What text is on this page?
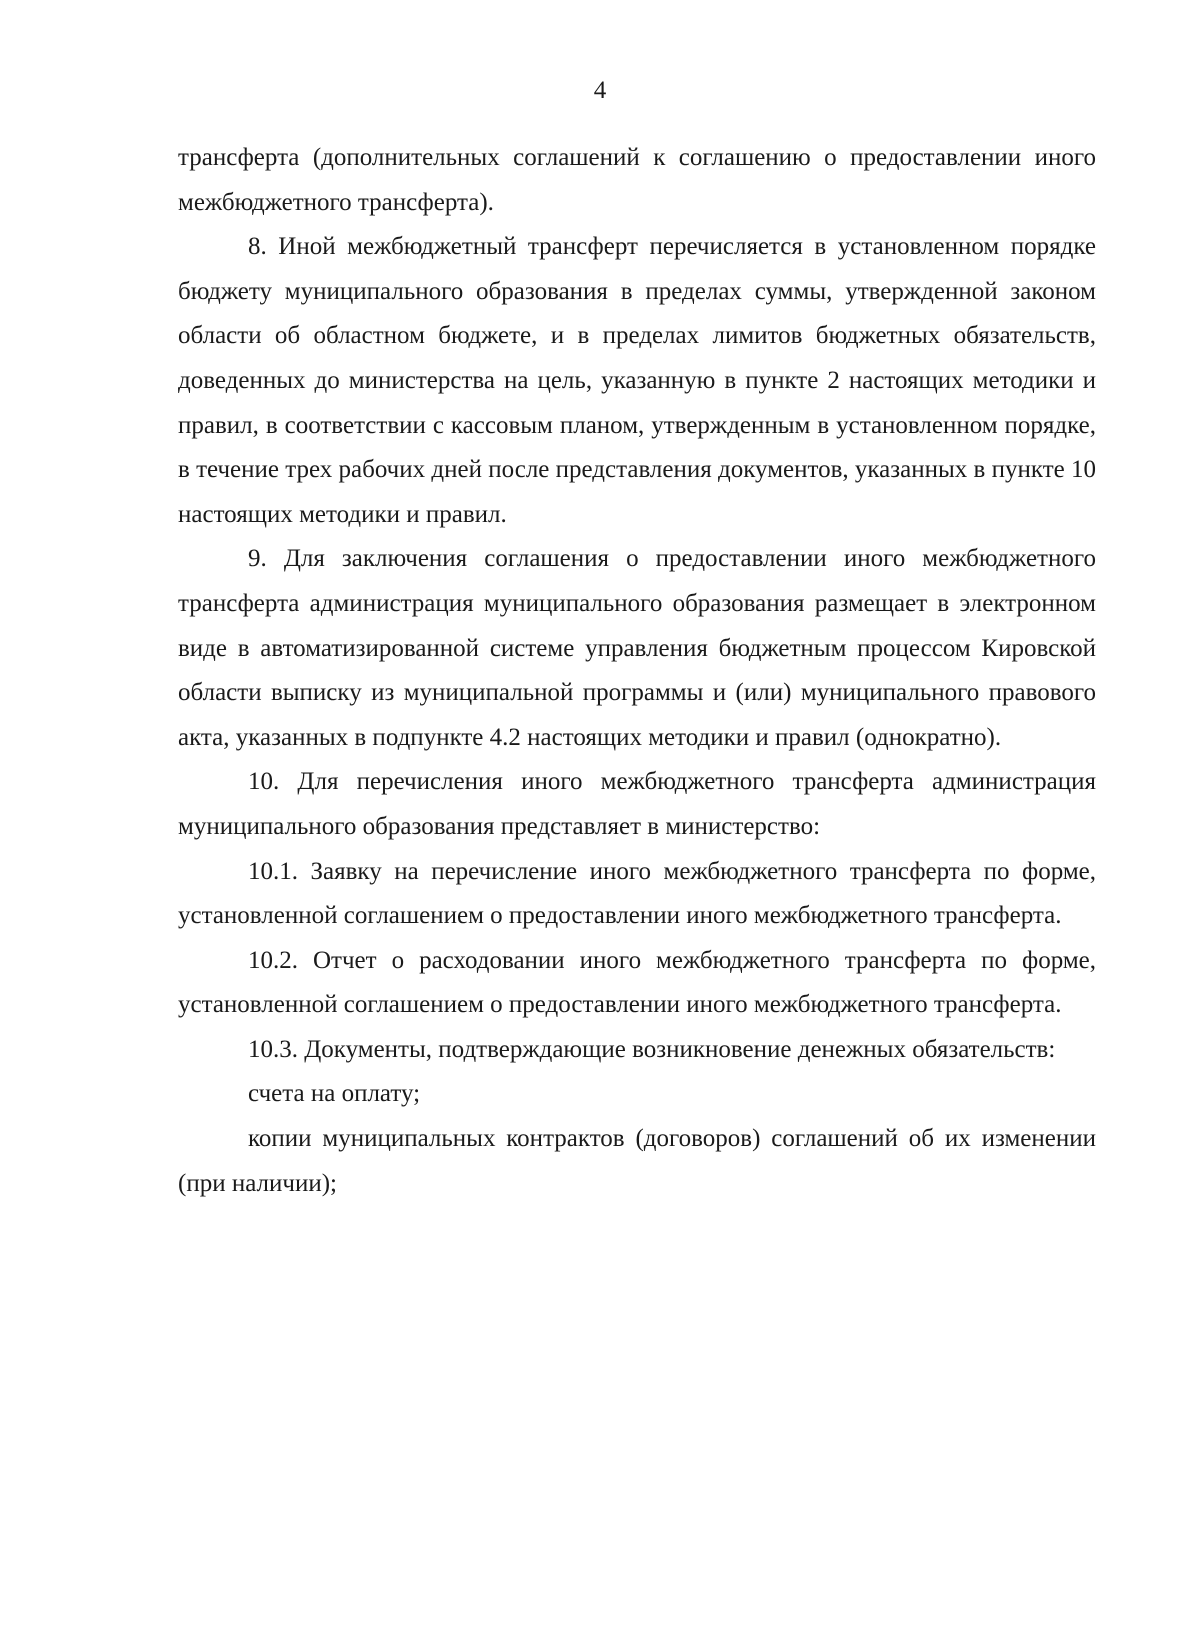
4

трансферта (дополнительных соглашений к соглашению о предоставлении иного межбюджетного трансферта).

8. Иной межбюджетный трансферт перечисляется в установленном порядке бюджету муниципального образования в пределах суммы, утвержденной законом области об областном бюджете, и в пределах лимитов бюджетных обязательств, доведенных до министерства на цель, указанную в пункте 2 настоящих методики и правил, в соответствии с кассовым планом, утвержденным в установленном порядке, в течение трех рабочих дней после представления документов, указанных в пункте 10 настоящих методики и правил.

9. Для заключения соглашения о предоставлении иного межбюджетного трансферта администрация муниципального образования размещает в электронном виде в автоматизированной системе управления бюджетным процессом Кировской области выписку из муниципальной программы и (или) муниципального правового акта, указанных в подпункте 4.2 настоящих методики и правил (однократно).

10. Для перечисления иного межбюджетного трансферта администрация муниципального образования представляет в министерство:

10.1. Заявку на перечисление иного межбюджетного трансферта по форме, установленной соглашением о предоставлении иного межбюджетного трансферта.

10.2. Отчет о расходовании иного межбюджетного трансферта по форме, установленной соглашением о предоставлении иного межбюджетного трансферта.

10.3. Документы, подтверждающие возникновение денежных обязательств:

счета на оплату;

копии муниципальных контрактов (договоров) соглашений об их изменении (при наличии);
